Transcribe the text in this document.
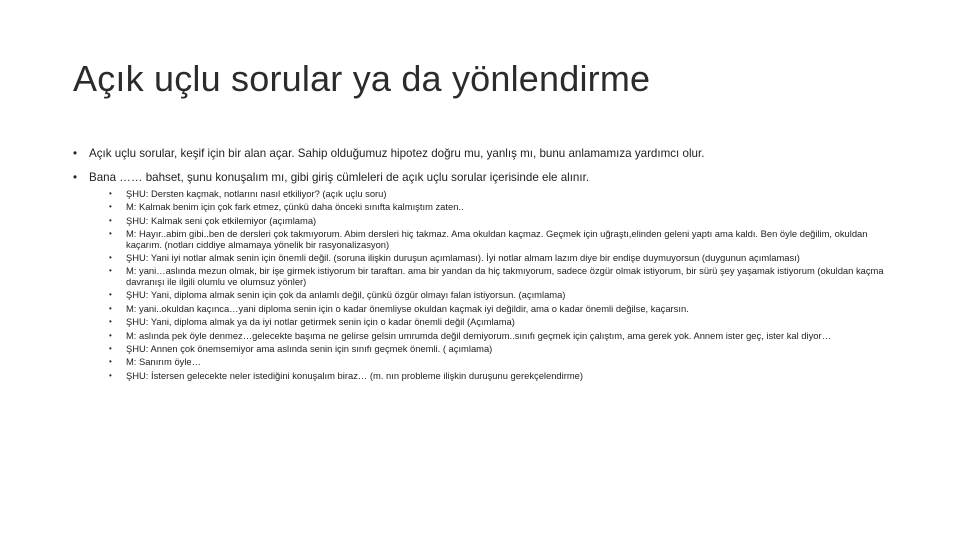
Açık uçlu sorular ya da yönlendirme
• Açık uçlu sorular, keşif için bir alan açar. Sahip olduğumuz hipotez doğru mu, yanlış mı, bunu anlamamıza yardımcı olur.
• Bana …… bahset, şunu konuşalım mı, gibi giriş cümleleri de açık uçlu sorular içerisinde ele alınır.
• ŞHU: Dersten kaçmak, notlarını nasıl etkiliyor? (açık uçlu soru)
• M: Kalmak benim için çok fark etmez, çünkü daha önceki sınıfta kalmıştım zaten..
• ŞHU: Kalmak seni çok etkilemiyor (açımlama)
• M: Hayır..abim gibi..ben de dersleri çok takmıyorum. Abim dersleri hiç takmaz. Ama okuldan kaçmaz. Geçmek için uğraştı,elinden geleni yaptı ama kaldı. Ben öyle değilim, okuldan kaçarım. (notları ciddiye almamaya yönelik bir rasyonalizasyon)
• ŞHU: Yani iyi notlar almak senin için önemli değil. (soruna ilişkin duruşun açımlaması). İyi notlar almam lazım diye bir endişe duymuyorsun (duygunun açımlaması)
• M: yani…aslında mezun olmak, bir işe girmek istiyorum bir taraftan. ama bir yandan da hiç takmıyorum, sadece özgür olmak istiyorum, bir sürü şey yaşamak istiyorum (okuldan kaçma davranışı ile ilgili olumlu ve olumsuz yönler)
• ŞHU: Yani, diploma almak senin için çok da anlamlı değil, çünkü özgür olmayı falan istiyorsun. (açımlama)
• M: yani..okuldan kaçınca…yani diploma senin için o kadar önemliyse okuldan kaçmak iyi değildir, ama o kadar önemli değilse, kaçarsın.
• ŞHU: Yani, diploma almak ya da iyi notlar getirmek senin için o kadar önemli değil (Açımlama)
• M: aslında pek öyle denmez…gelecekte başıma ne gelirse gelsin umrumda değil demiyorum..sınıfı geçmek için çalıştım, ama gerek yok. Annem ister geç, ister kal diyor…
• ŞHU: Annen çok önemsemiyor ama aslında senin için sınıfı geçmek önemli. ( açımlama)
• M: Sanırım öyle…
• ŞHU: İstersen gelecekte neler istediğini konuşalım biraz… (m. nın probleme ilişkin duruşunu gerekçelendirme)
